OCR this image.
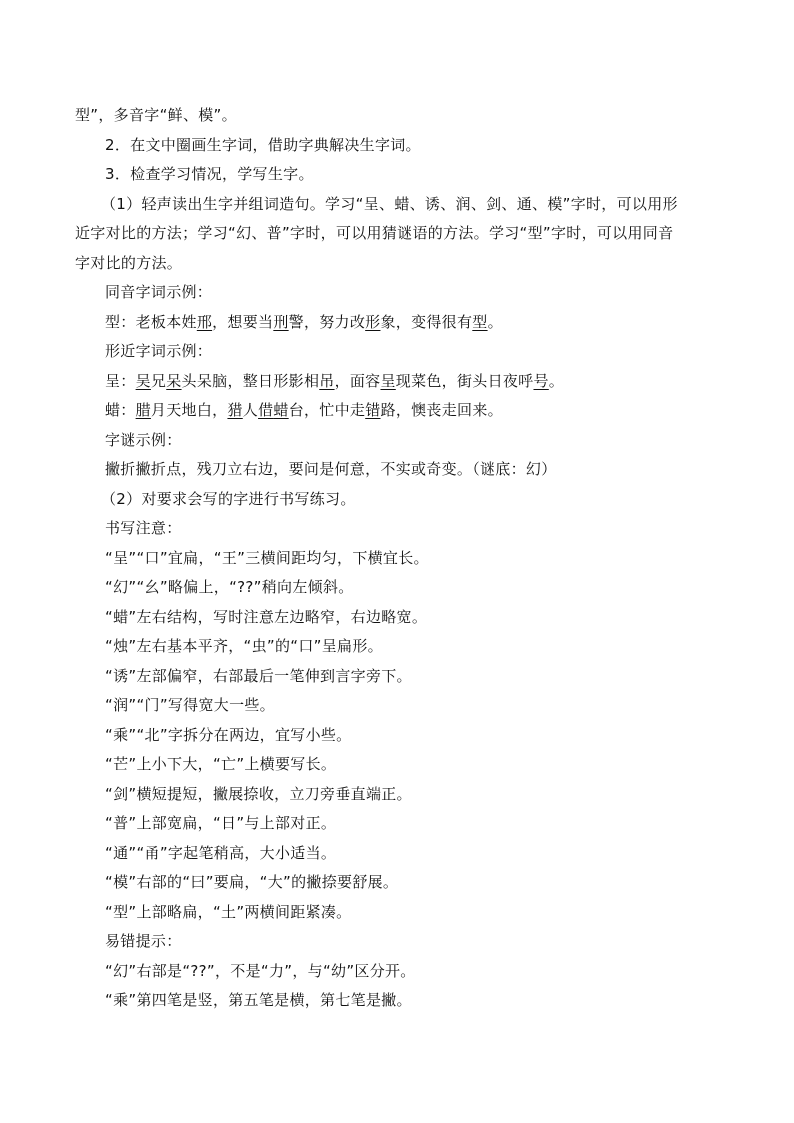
型”，多音字“鲜、模”。
2．在文中圈画生字词，借助字典解决生字词。
3．检查学习情况，学写生字。
（1）轻声读出生字并组词造句。学习“呈、蜡、诱、润、剑、通、模”字时，可以用形
近字对比的方法；学习“幻、普”字时，可以用猜谜语的方法。学习“型”字时，可以用同音
字对比的方法。
同音字词示例：
型：老板本姓邢，想要当刑警，努力改形象，变得很有型。
形近字词示例：
呈：吴兄呆头呆脑，整日形影相吊，面容呈现菜色，街头日夜呼号。
蜡：腊月天地白，猎人借蜡台，忙中走错路，懊丧走回来。
字谜示例：
撇折撇折点，残刀立右边，要问是何意，不实或奇变。（谜底：幻）
（2）对要求会写的字进行书写练习。
书写注意：
“呈”“口”宜扁，“王”三横间距均匀，下横宜长。
“幻”“幺”略偏上，“??”稍向左倾斜。
“蜡”左右结构，写时注意左边略窄，右边略宽。
“烛”左右基本平齐，“虫”的“口”呈扁形。
“诱”左部偏窄，右部最后一笔伸到言字旁下。
“润”“门”写得宽大一些。
“乘”“北”字拆分在两边，宜写小些。
“芒”上小下大，“亡”上横要写长。
“剑”横短提短，撇展捺收，立刀旁垂直端正。
“普”上部宽扁，“日”与上部对正。
“通”“甬”字起笔稍高，大小适当。
“模”右部的“曰”要扁，“大”的撇捺要舒展。
“型”上部略扁，“土”两横间距紧凑。
易错提示：
“幻”右部是“??”，不是“力”，与“幼”区分开。
“乘”第四笔是竖，第五笔是横，第七笔是撇。
